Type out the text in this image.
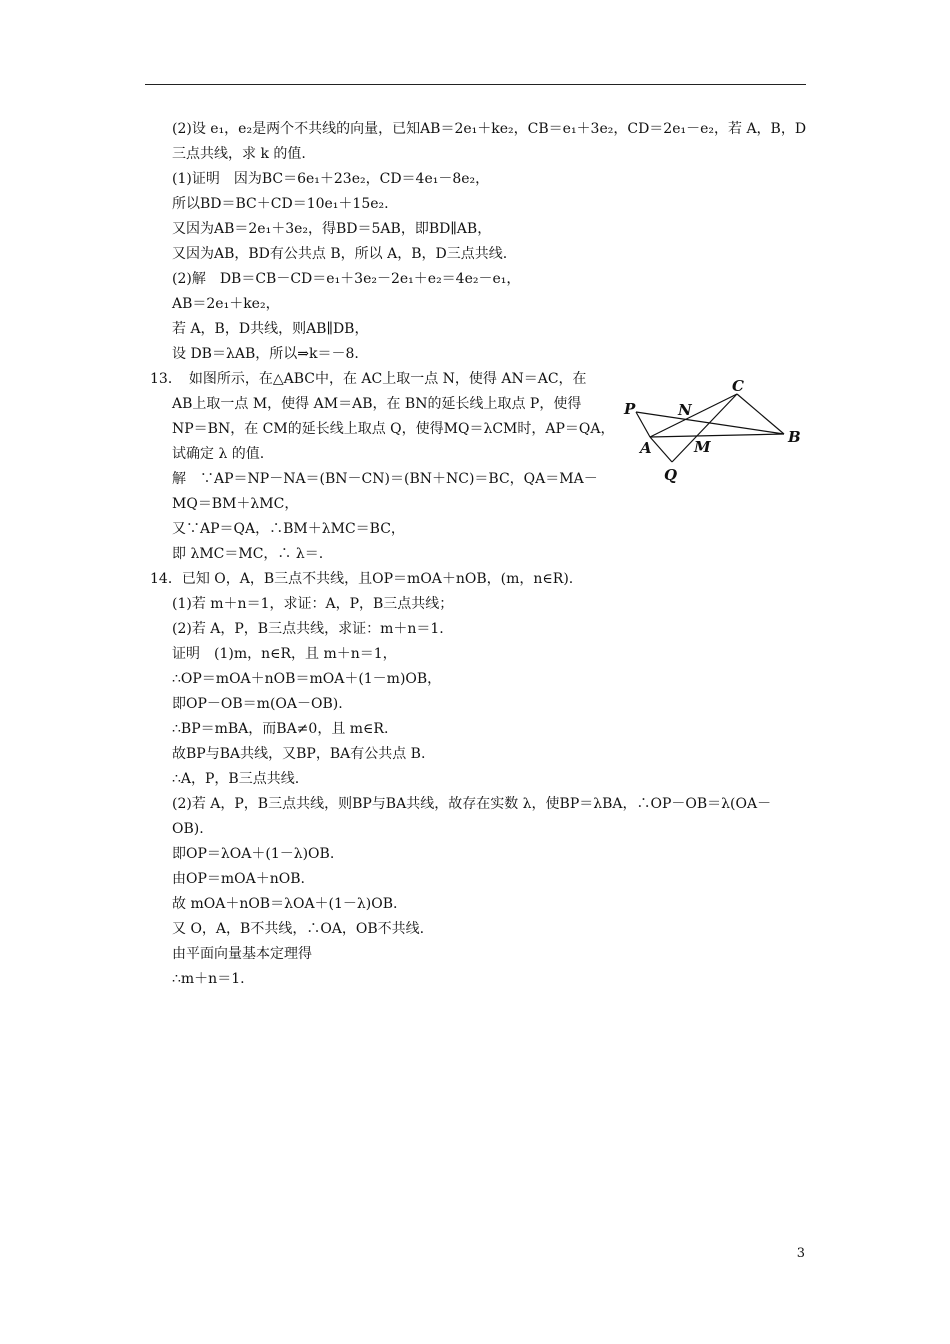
(2)设 e₁，e₂是两个不共线的向量，已知AB＝2e₁＋ke₂，CB＝e₁＋3e₂，CD＝2e₁－e₂，若 A，B，D
三点共线，求 k 的值.
(1)证明　因为BC＝6e₁＋23e₂，CD＝4e₁－8e₂，
所以BD＝BC＋CD＝10e₁＋15e₂.
又因为AB＝2e₁＋3e₂，得BD＝5AB，即BD∥AB，
又因为AB，BD有公共点 B，所以 A，B，D三点共线.
(2)解　DB＝CB－CD＝e₁＋3e₂－2e₁＋e₂＝4e₂－e₁，
AB＝2e₁＋ke₂，
若 A，B，D共线，则AB∥DB，
设 DB＝λAB，所以⇒k＝－8.
13．　如图所示，在△ABC中，在 AC上取一点 N，使得 AN＝AC，在
AB上取一点 M，使得 AM＝AB，在 BN的延长线上取点 P，使得
NP＝BN，在 CM的延长线上取点 Q，使得MQ＝λCM时，AP＝QA，
试确定 λ 的值.
解　∵AP＝NP－NA＝(BN－CN)＝(BN＋NC)＝BC，QA＝MA－
MQ＝BM＋λMC，
又∵AP＝QA，∴BM＋λMC＝BC，
即 λMC＝MC，∴ λ＝.
14．已知 O，A，B三点不共线，且OP＝mOA＋nOB，(m，n∈R).
(1)若 m＋n＝1，求证：A，P，B三点共线；
(2)若 A，P，B三点共线，求证：m＋n＝1.
证明　(1)m，n∈R，且 m＋n＝1，
∴OP＝mOA＋nOB＝mOA＋(1－m)OB，
即OP－OB＝m(OA－OB).
∴BP＝mBA，而BA≠0，且 m∈R.
故BP与BA共线，又BP，BA有公共点 B.
∴A，P，B三点共线.
(2)若 A，P，B三点共线，则BP与BA共线，故存在实数 λ，使BP＝λBA，∴OP－OB＝λ(OA－
OB).
即OP＝λOA＋(1－λ)OB.
由OP＝mOA＋nOB.
故 mOA＋nOB＝λOA＋(1－λ)OB.
又 O，A，B不共线，∴OA，OB不共线.
由平面向量基本定理得
∴m＋n＝1.
C
P	N
A	M
B
Q
3
